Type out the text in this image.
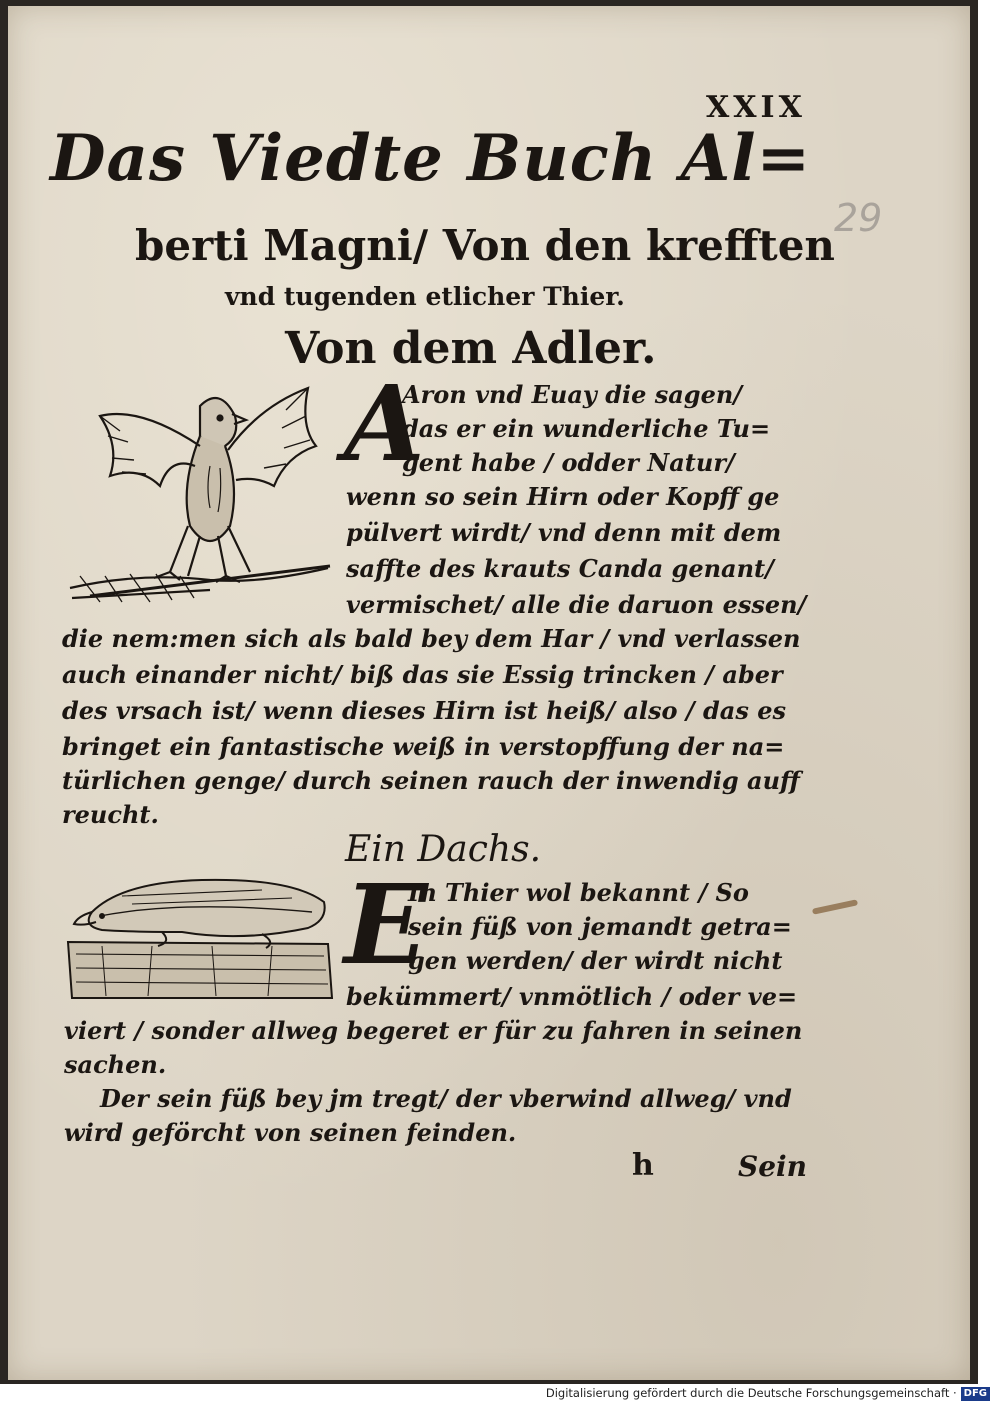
XXIX
29
Das Viedte Buch Al=
berti Magni/ Von den krefften
vnd tugenden etlicher Thier.
Von dem Adler.
A
Aron vnd Euay die sagen/
das er ein wunderliche Tu=
gent habe / odder Natur/
wenn so sein Hirn oder Kopff ge
pülvert wirdt/ vnd denn mit dem
saffte des krauts Canda genant/
vermischet/ alle die daruon essen/
die nem:men sich als bald bey dem Har / vnd verlassen
auch einander nicht/ biß das sie Essig trincken / aber
des vrsach ist/ wenn dieses Hirn ist heiß/ also / das es
bringet ein fantastische weiß in verstopffung der na=
türlichen genge/ durch seinen rauch der inwendig auff
reucht.
Ein Dachs.
E
In Thier wol bekannt / So
sein füß von jemandt getra=
gen werden/ der wirdt nicht
bekümmert/ vnmötlich / oder ve=
viert / sonder allweg begeret er für zu fahren in seinen
sachen.
Der sein füß bey jm tregt/ der vberwind allweg/ vnd
wird geförcht von seinen feinden.
h	Sein
Digitalisierung gefördert durch die Deutsche Forschungsgemeinschaft · DFG
